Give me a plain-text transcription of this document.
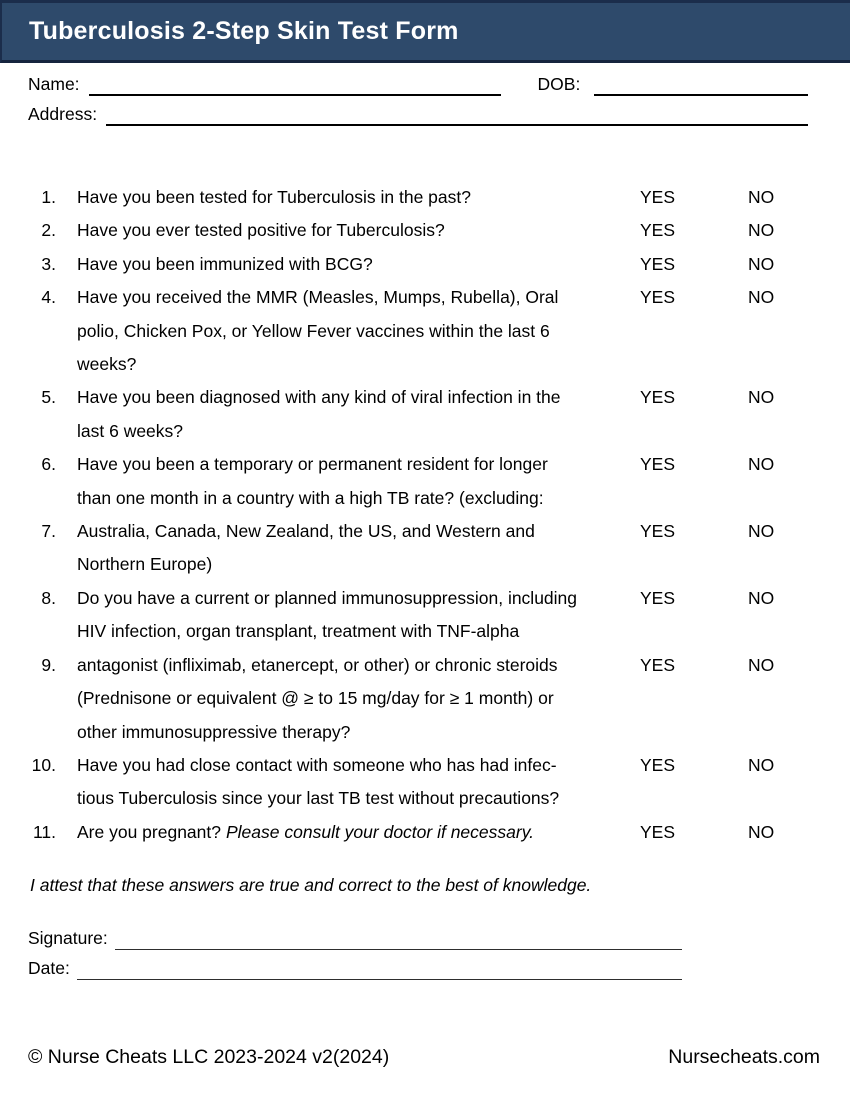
Tuberculosis 2-Step Skin Test Form
Name:	DOB:
Address:
1. Have you been tested for Tuberculosis in the past?	YES	NO
2. Have you ever tested positive for Tuberculosis?	YES	NO
3. Have you been immunized with BCG?	YES	NO
4. Have you received the MMR (Measles, Mumps, Rubella), Oral
polio, Chicken Pox, or Yellow Fever vaccines within the last 6
weeks?
YES	NO
5. Have you been diagnosed with any kind of viral infection in the
last 6 weeks?
YES	NO
6. Have you been a temporary or permanent resident for longer
than one month in a country with a high TB rate? (excluding:
YES	NO
7. Australia, Canada, New Zealand, the US, and Western and
Northern Europe)
YES	NO
8. Do you have a current or planned immunosuppression, including
HIV infection, organ transplant, treatment with TNF-alpha
YES	NO
9. antagonist (infliximab, etanercept, or other) or chronic steroids
(Prednisone or equivalent @ ≥ to 15 mg/day for ≥ 1 month) or
other immunosuppressive therapy?
YES	NO
10. Have you had close contact with someone who has had infec-
tious Tuberculosis since your last TB test without precautions?
YES	NO
11. Are you pregnant? Please consult your doctor if necessary.	YES	NO
I attest that these answers are true and correct to the best of knowledge.
Signature:
Date:
© Nurse Cheats LLC 2023-2024 v2(2024)	Nursecheats.com
